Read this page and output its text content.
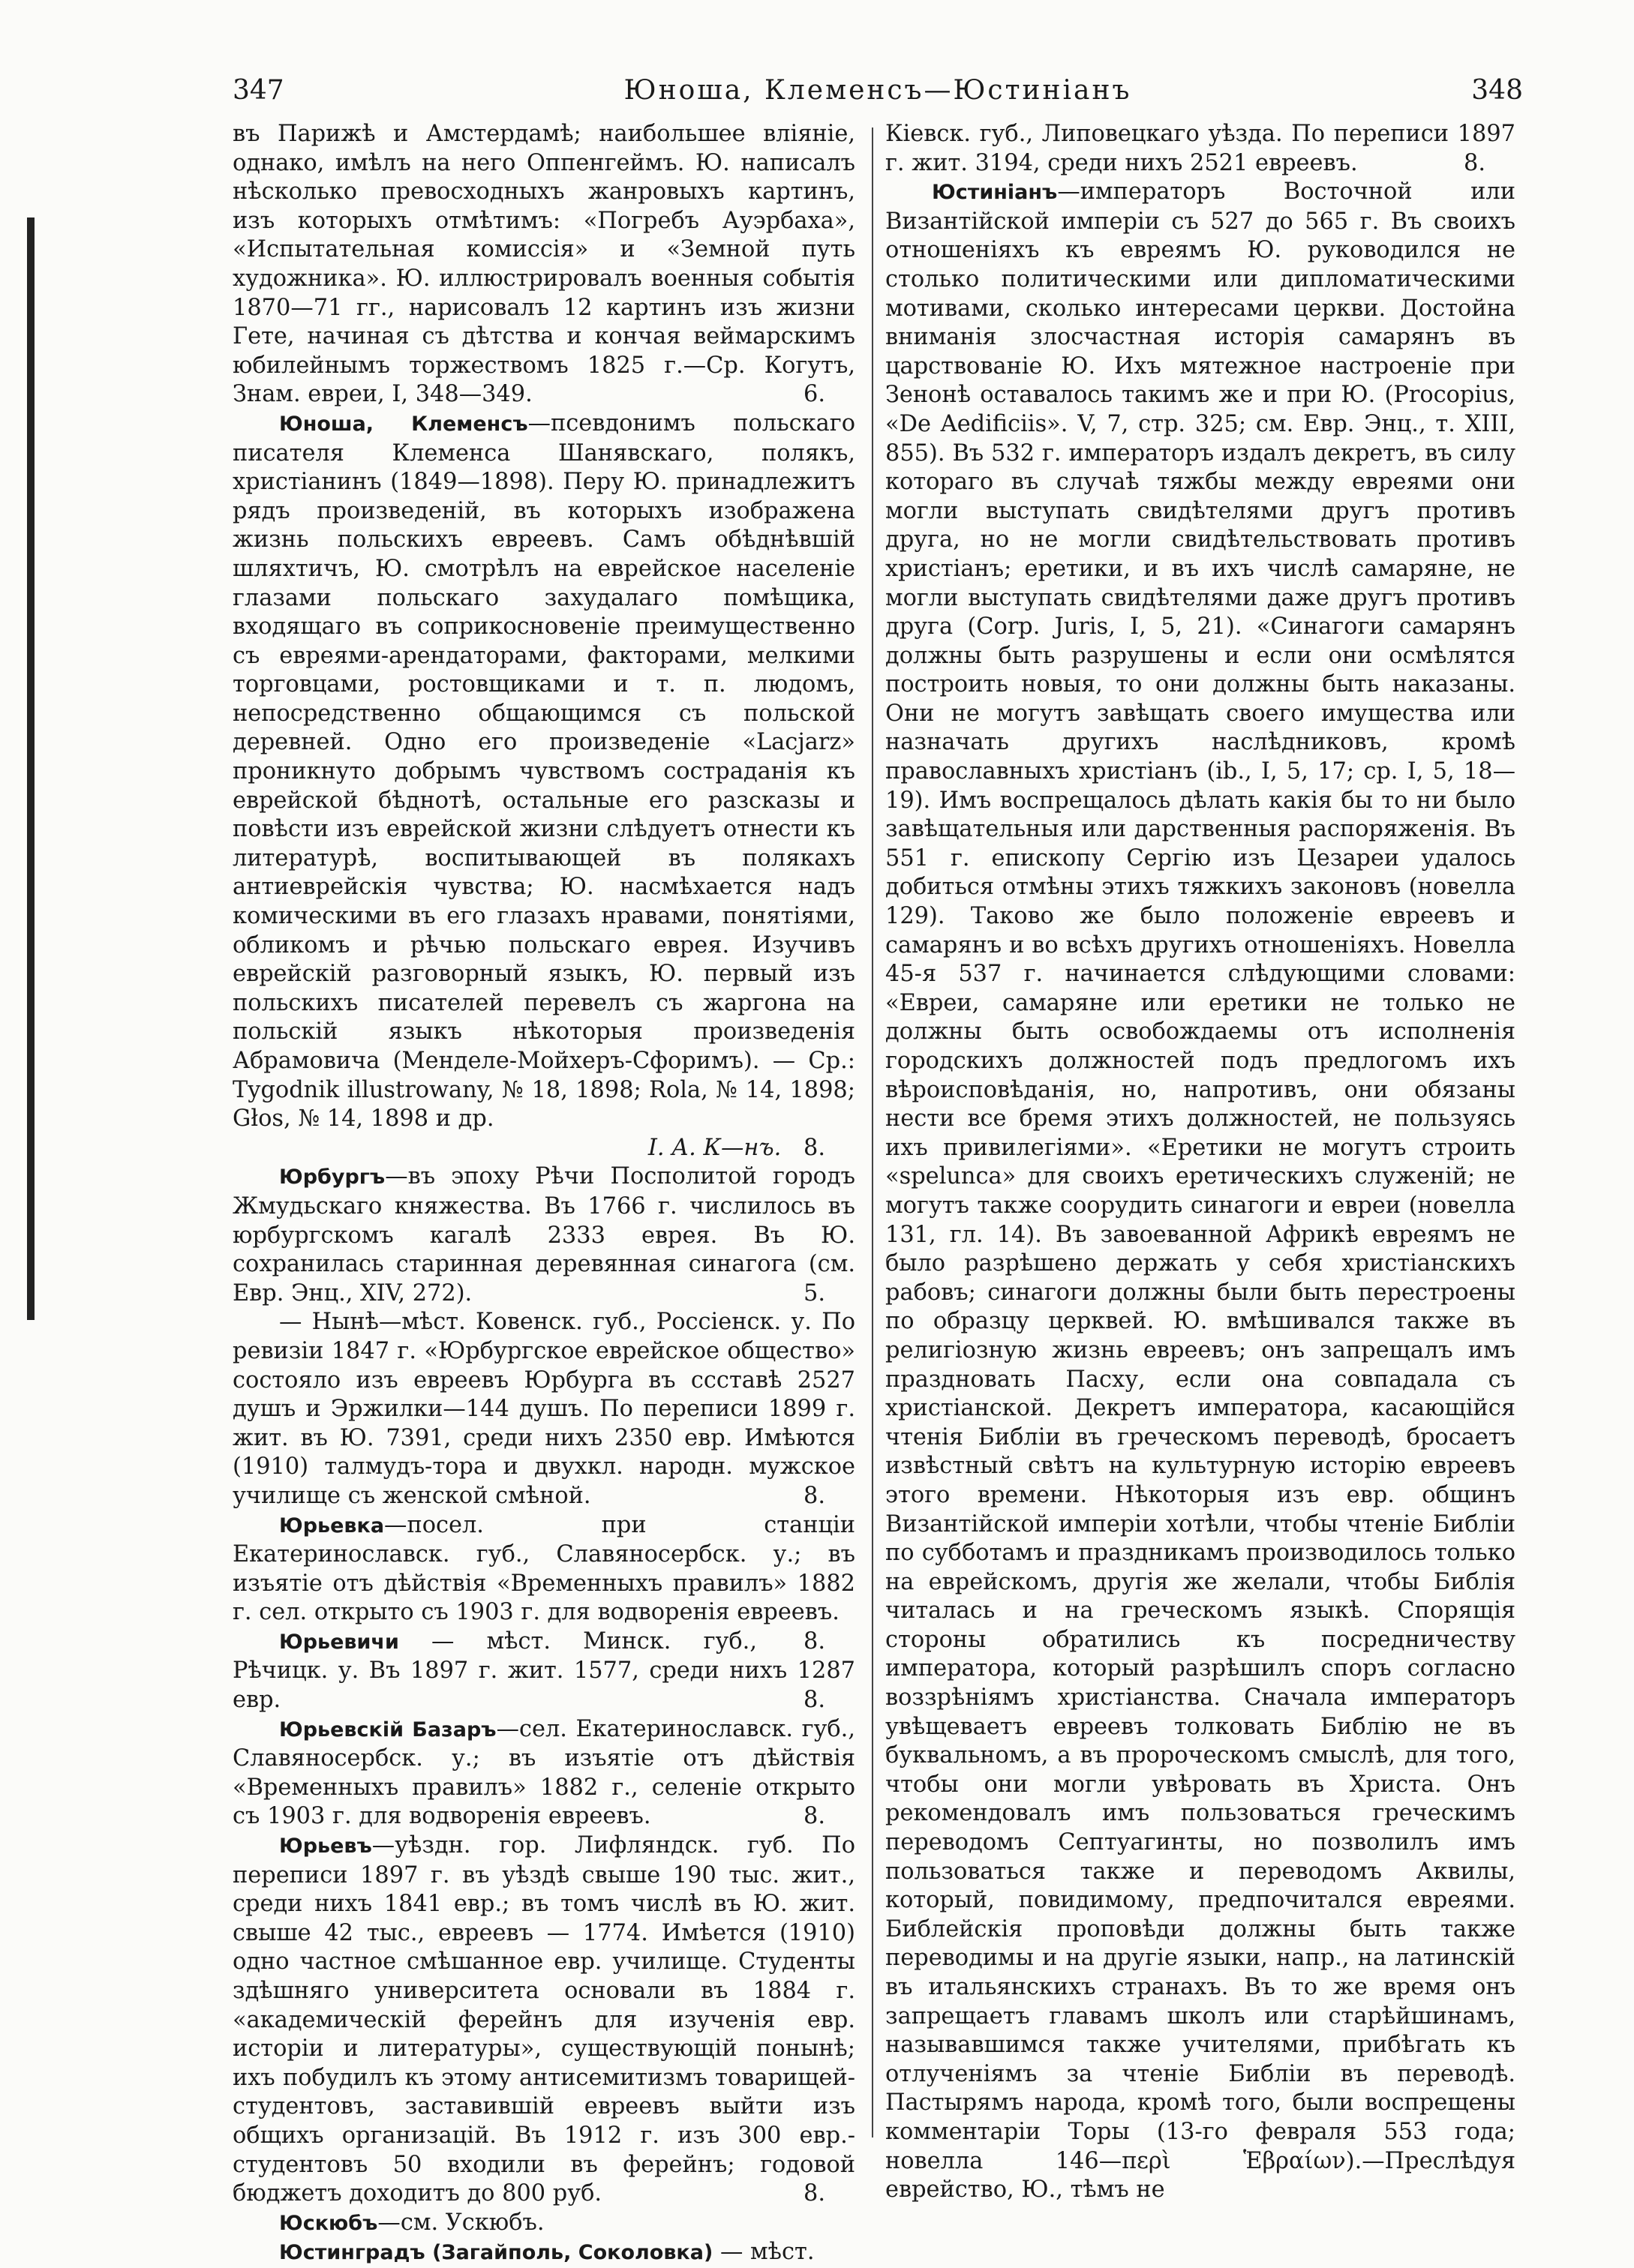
347	Юноша, Клеменсъ—Юстиніанъ	348

въ Парижѣ и Амстердамѣ; наибольшее вліяніе, однако, имѣлъ на него Оппенгеймъ. Ю. написалъ нѣсколько превосходныхъ жанровыхъ картинъ, изъ которыхъ отмѣтимъ: «Погребъ Ауэрбаха», «Испытательная комиссія» и «Земной путь художника». Ю. иллюстрировалъ военныя событія 1870—71 гг., нарисовалъ 12 картинъ изъ жизни Гете, начиная съ дѣтства и кончая веймарскимъ юбилейнымъ торжествомъ 1825 г.—Ср. Когутъ, Знам. евреи, I, 348—349.	6.

Юноша, Клеменсъ—псевдонимъ польскаго писателя Клеменса Шанявскаго, полякъ, христіанинъ (1849—1898). Перу Ю. принадлежитъ рядъ произведеній, въ которыхъ изображена жизнь польскихъ евреевъ. Самъ обѣднѣвшій шляхтичъ, Ю. смотрѣлъ на еврейское населеніе глазами польскаго захудалаго помѣщика, входящаго въ соприкосновеніе преимущественно съ евреями-арендаторами, факторами, мелкими торговцами, ростовщиками и т. п. людомъ, непосредственно общающимся съ польской деревней. Одно его произведеніе «Lacjarz» проникнуто добрымъ чувствомъ состраданія къ еврейской бѣднотѣ, остальные его разсказы и повѣсти изъ еврейской жизни слѣдуетъ отнести къ литературѣ, воспитывающей въ полякахъ антиеврейскія чувства; Ю. насмѣхается надъ комическими въ его глазахъ нравами, понятіями, обликомъ и рѣчью польскаго еврея. Изучивъ еврейскій разговорный языкъ, Ю. первый изъ польскихъ писателей перевелъ съ жаргона на польскій языкъ нѣкоторыя произведенія Абрамовича (Менделе-Мойхеръ-Сфоримъ). — Ср.: Tygodnik illustrowany, № 18, 1898; Rola, № 14, 1898; Głos, № 14, 1898 и др.

І. А. К—нъ. 8.

Юрбургъ—въ эпоху Рѣчи Посполитой городъ Жмудьскаго княжества. Въ 1766 г. числилось въ юрбургскомъ кагалѣ 2333 еврея. Въ Ю. сохранилась старинная деревянная синагога (см. Евр. Энц., XIV, 272).	5.

— Нынѣ—мѣст. Ковенск. губ., Россіенск. у. По ревизіи 1847 г. «Юрбургское еврейское общество» состояло изъ евреевъ Юрбурга въ ссставѣ 2527 душъ и Эржилки—144 душъ. По переписи 1899 г. жит. въ Ю. 7391, среди нихъ 2350 евр. Имѣются (1910) талмудъ-тора и двухкл. народн. мужское училище съ женской смѣной.	8.

Юрьевка—посел. при станціи Екатеринославск. губ., Славяносербск. у.; въ изъятіе отъ дѣйствія «Временныхъ правилъ» 1882 г. сел. открыто съ 1903 г. для водворенія евреевъ.
8.

Юрьевичи — мѣст. Минск. губ., Рѣчицк. у. Въ 1897 г. жит. 1577, среди нихъ 1287 евр.	8.

Юрьевскій Базаръ—сел. Екатеринославск. губ., Славяносербск. у.; въ изъятіе отъ дѣйствія «Временныхъ правилъ» 1882 г., селеніе открыто съ 1903 г. для водворенія евреевъ.	8.

Юрьевъ—уѣздн. гор. Лифляндск. губ. По переписи 1897 г. въ уѣздѣ свыше 190 тыс. жит., среди нихъ 1841 евр.; въ томъ числѣ въ Ю. жит. свыше 42 тыс., евреевъ — 1774. Имѣется (1910) одно частное смѣшанное евр. училище. Студенты здѣшняго университета основали въ 1884 г. «академическій ферейнъ для изученія евр. исторіи и литературы», существующій понынѣ; ихъ побудилъ къ этому антисемитизмъ товарищей-студентовъ, заставившій евреевъ выйти изъ общихъ организацій. Въ 1912 г. изъ 300 евр.-студентовъ 50 входили въ ферейнъ; годовой бюджетъ доходитъ до 800 руб.	8.

Юскюбъ—см. Ускюбъ.

Юстинградъ (Загайполь, Соколовка) — мѣст.

Кіевск. губ., Липовецкаго уѣзда. По переписи 1897 г. жит. 3194, среди нихъ 2521 евреевъ.	8.

Юстиніанъ—императоръ Восточной или Византійской имперіи съ 527 до 565 г. Въ своихъ отношеніяхъ къ евреямъ Ю. руководился не столько политическими или дипломатическими мотивами, сколько интересами церкви. Достойна вниманія злосчастная исторія самарянъ въ царствованіе Ю. Ихъ мятежное настроеніе при Зенонѣ оставалось такимъ же и при Ю. (Procopius, «De Aedificiis». V, 7, стр. 325; см. Евр. Энц., т. XIII, 855). Въ 532 г. императоръ издалъ декретъ, въ силу котораго въ случаѣ тяжбы между евреями они могли выступать свидѣтелями другъ противъ друга, но не могли свидѣтельствовать противъ христіанъ; еретики, и въ ихъ числѣ самаряне, не могли выступать свидѣтелями даже другъ противъ друга (Corp. Juris, I, 5, 21). «Синагоги самарянъ должны быть разрушены и если они осмѣлятся построить новыя, то они должны быть наказаны. Они не могутъ завѣщать своего имущества или назначать другихъ наслѣдниковъ, кромѣ православныхъ христіанъ (ib., I, 5, 17; ср. I, 5, 18—19). Имъ воспрещалось дѣлать какія бы то ни было завѣщательныя или дарственныя распоряженія. Въ 551 г. епископу Сергію изъ Цезареи удалось добиться отмѣны этихъ тяжкихъ законовъ (новелла 129). Таково же было положеніе евреевъ и самарянъ и во всѣхъ другихъ отношеніяхъ. Новелла 45-я 537 г. начинается слѣдующими словами: «Евреи, самаряне или еретики не только не должны быть освобождаемы отъ исполненія городскихъ должностей подъ предлогомъ ихъ вѣроисповѣданія, но, напротивъ, они обязаны нести все бремя этихъ должностей, не пользуясь ихъ привилегіями». «Еретики не могутъ строить «spelunca» для своихъ еретическихъ служеній; не могутъ также соорудить синагоги и евреи (новелла 131, гл. 14). Въ завоеванной Африкѣ евреямъ не было разрѣшено держать у себя христіанскихъ рабовъ; синагоги должны были быть перестроены по образцу церквей. Ю. вмѣшивался также въ религіозную жизнь евреевъ; онъ запрещалъ имъ праздновать Пасху, если она совпадала съ христіанской. Декретъ императора, касающійся чтенія Библіи въ греческомъ переводѣ, бросаетъ извѣстный свѣтъ на культурную исторію евреевъ этого времени. Нѣкоторыя изъ евр. общинъ Византійской имперіи хотѣли, чтобы чтеніе Библіи по субботамъ и праздникамъ производилось только на еврейскомъ, другія же желали, чтобы Библія читалась и на греческомъ языкѣ. Спорящія стороны обратились къ посредничеству императора, который разрѣшилъ споръ согласно воззрѣніямъ христіанства. Сначала императоръ увѣщеваетъ евреевъ толковать Библію не въ буквальномъ, а въ пророческомъ смыслѣ, для того, чтобы они могли увѣровать въ Христа. Онъ рекомендовалъ имъ пользоваться греческимъ переводомъ Септуагинты, но позволилъ имъ пользоваться также и переводомъ Аквилы, который, повидимому, предпочитался евреями. Библейскія проповѣди должны быть также переводимы и на другіе языки, напр., на латинскій въ итальянскихъ странахъ. Въ то же время онъ запрещаетъ главамъ школъ или старѣйшинамъ, называвшимся также учителями, прибѣгать къ отлученіямъ за чтеніе Библіи въ переводѣ. Пастырямъ народа, кромѣ того, были воспрещены комментаріи Торы (13-го февраля 553 года; новелла 146—περὶ Ἑβραίων).—Преслѣдуя еврейство, Ю., тѣмъ не
